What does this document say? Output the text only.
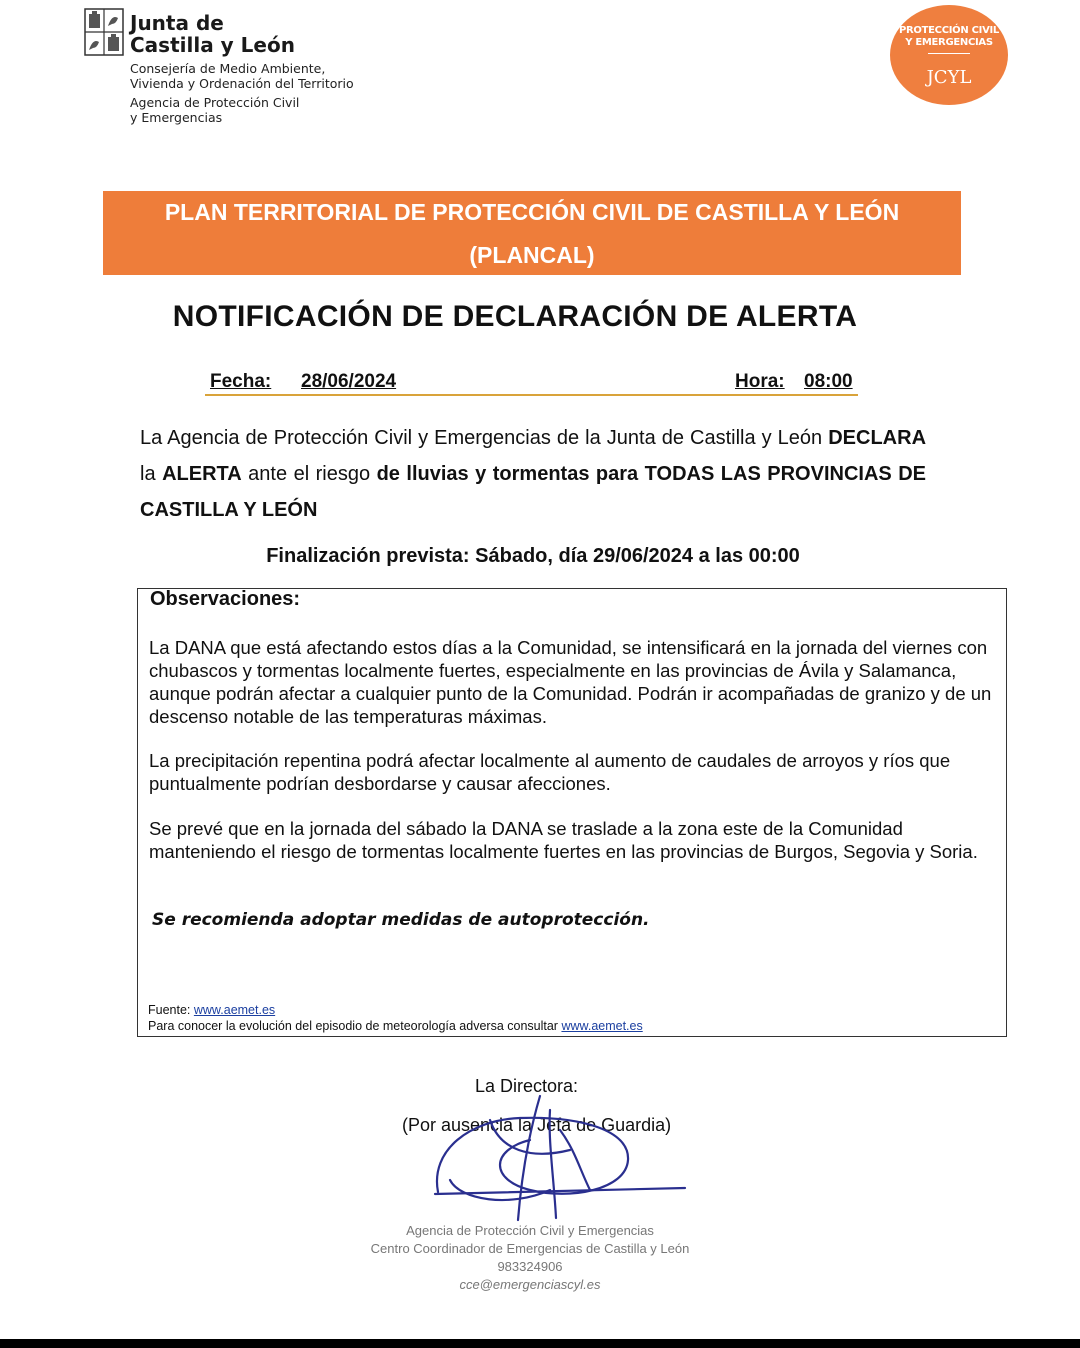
Junta de
Castilla y León
Consejería de Medio Ambiente,
Vivienda y Ordenación del Territorio
Agencia de Protección Civil
y Emergencias
PROTECCIÓN CIVIL
Y EMERGENCIAS
JCYL
PLAN TERRITORIAL DE PROTECCIÓN CIVIL DE CASTILLA Y LEÓN
(PLANCAL)
NOTIFICACIÓN DE DECLARACIÓN DE ALERTA
Fecha: 28/06/2024	Hora: 08:00
La Agencia de Protección Civil y Emergencias de la Junta de Castilla y León DECLARA la ALERTA ante el riesgo de lluvias y tormentas para TODAS LAS PROVINCIAS DE CASTILLA Y LEÓN
Finalización prevista: Sábado, día 29/06/2024 a las 00:00
Observaciones:
La DANA que está afectando estos días a la Comunidad, se intensificará en la jornada del viernes con chubascos y tormentas localmente fuertes, especialmente en las provincias de Ávila y Salamanca, aunque podrán afectar a cualquier punto de la Comunidad. Podrán ir acompañadas de granizo y de un descenso notable de las temperaturas máximas.
La precipitación repentina podrá afectar localmente al aumento de caudales de arroyos y ríos que puntualmente podrían desbordarse y causar afecciones.
Se prevé que en la jornada del sábado la DANA se traslade a la zona este de la Comunidad manteniendo el riesgo de tormentas localmente fuertes en las provincias de Burgos, Segovia y Soria.
Se recomienda adoptar medidas de autoprotección.
Fuente: www.aemet.es
Para conocer la evolución del episodio de meteorología adversa consultar www.aemet.es
La Directora:
(Por ausencia la Jefa de Guardia)
Agencia de Protección Civil y Emergencias
Centro Coordinador de Emergencias de Castilla y León
983324906
cce@emergenciascyl.es
